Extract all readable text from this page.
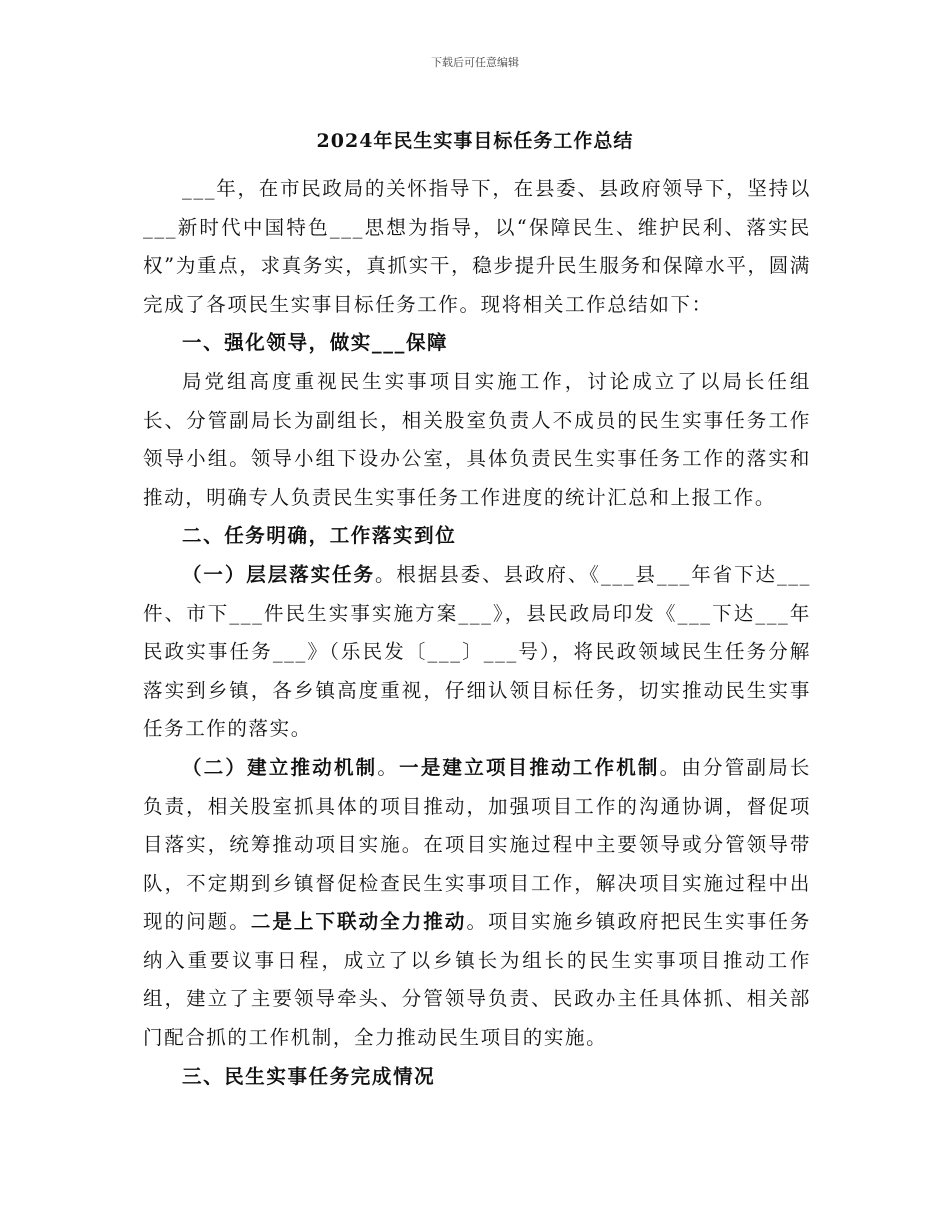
下载后可任意编辑
2024年民生实事目标任务工作总结

___年，在市民政局的关怀指导下，在县委、县政府领导下，坚持以___新时代中国特色___思想为指导，以“保障民生、维护民利、落实民权”为重点，求真务实，真抓实干，稳步提升民生服务和保障水平，圆满完成了各项民生实事目标任务工作。现将相关工作总结如下：

一、强化领导，做实___保障

局党组高度重视民生实事项目实施工作，讨论成立了以局长任组长、分管副局长为副组长，相关股室负责人不成员的民生实事任务工作领导小组。领导小组下设办公室，具体负责民生实事任务工作的落实和推动，明确专人负责民生实事任务工作进度的统计汇总和上报工作。

二、任务明确，工作落实到位

（一）层层落实任务。根据县委、县政府、《___县___年省下达___件、市下___件民生实事实施方案___》，县民政局印发《___下达___年民政实事任务___》（乐民发〔___〕___号），将民政领域民生任务分解落实到乡镇，各乡镇高度重视，仔细认领目标任务，切实推动民生实事任务工作的落实。

（二）建立推动机制。一是建立项目推动工作机制。由分管副局长负责，相关股室抓具体的项目推动，加强项目工作的沟通协调，督促项目落实，统筹推动项目实施。在项目实施过程中主要领导或分管领导带队，不定期到乡镇督促检查民生实事项目工作，解决项目实施过程中出现的问题。二是上下联动全力推动。项目实施乡镇政府把民生实事任务纳入重要议事日程，成立了以乡镇长为组长的民生实事项目推动工作组，建立了主要领导牵头、分管领导负责、民政办主任具体抓、相关部门配合抓的工作机制，全力推动民生项目的实施。

三、民生实事任务完成情况
